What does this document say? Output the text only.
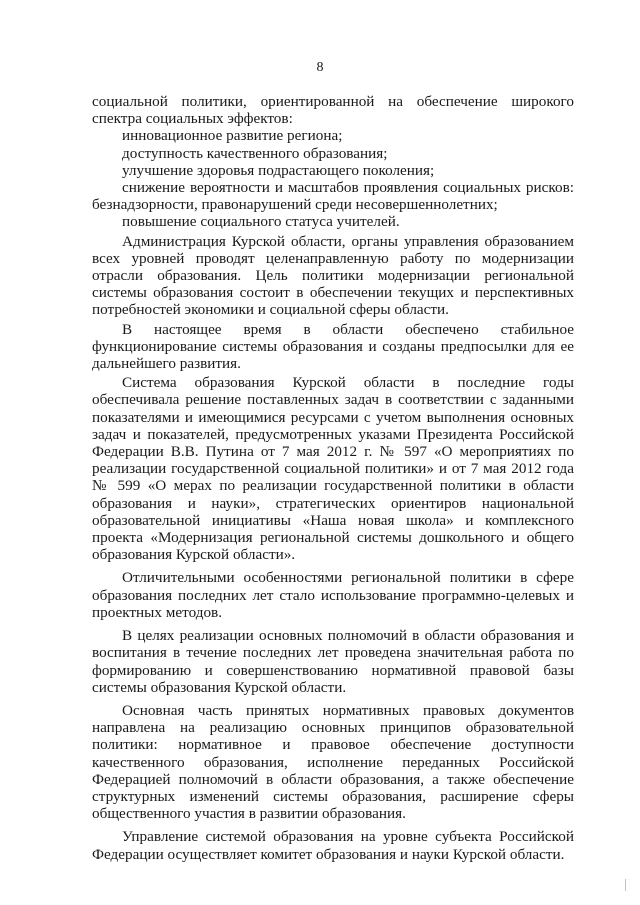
8

социальной политики, ориентированной на обеспечение широкого спектра социальных эффектов:

инновационное развитие региона;

доступность качественного образования;

улучшение здоровья подрастающего поколения;

снижение вероятности и масштабов проявления социальных рисков: безнадзорности, правонарушений среди несовершеннолетних;

повышение социального статуса учителей.

Администрация Курской области, органы управления образованием всех уровней проводят целенаправленную работу по модернизации отрасли образования. Цель политики модернизации региональной системы образования состоит в обеспечении текущих и перспективных потребностей экономики и социальной сферы области.

В настоящее время в области обеспечено стабильное функционирование системы образования и созданы предпосылки для ее дальнейшего развития.

Система образования Курской области в последние годы обеспечивала решение поставленных задач в соответствии с заданными показателями и имеющимися ресурсами с учетом выполнения основных задач и показателей, предусмотренных указами Президента Российской Федерации В.В. Путина от 7 мая 2012 г. № 597 «О мероприятиях по реализации государственной социальной политики» и от 7 мая 2012 года № 599 «О мерах по реализации государственной политики в области образования и науки», стратегических ориентиров национальной образовательной инициативы «Наша новая школа» и комплексного проекта «Модернизация региональной системы дошкольного и общего образования Курской области».

Отличительными особенностями региональной политики в сфере образования последних лет стало использование программно-целевых и проектных методов.

В целях реализации основных полномочий в области образования и воспитания в течение последних лет проведена значительная работа по формированию и совершенствованию нормативной правовой базы системы образования Курской области.

Основная часть принятых нормативных правовых документов направлена на реализацию основных принципов образовательной политики: нормативное и правовое обеспечение доступности качественного образования, исполнение переданных Российской Федерацией полномочий в области образования, а также обеспечение структурных изменений системы образования, расширение сферы общественного участия в развитии образования.

Управление системой образования на уровне субъекта Российской Федерации осуществляет комитет образования и науки Курской области.
